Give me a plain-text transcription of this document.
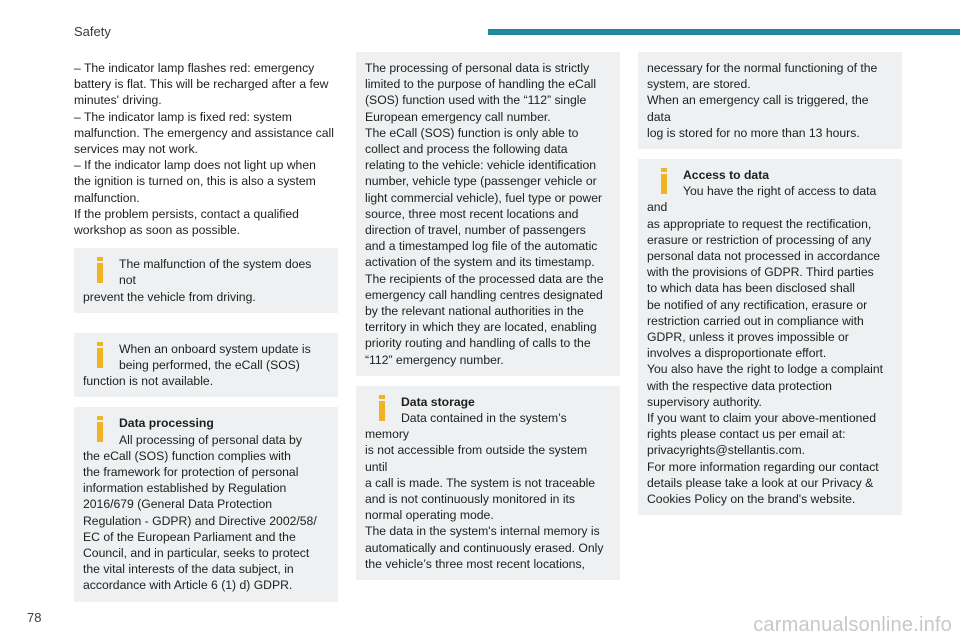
Safety
– The indicator lamp flashes red: emergency
battery is flat. This will be recharged after a few
minutes' driving.
– The indicator lamp is fixed red: system
malfunction. The emergency and assistance call
services may not work.
– If the indicator lamp does not light up when
the ignition is turned on, this is also a system
malfunction.
If the problem persists, contact a qualified
workshop as soon as possible.
The malfunction of the system does not
prevent the vehicle from driving.
When an onboard system update is
being performed, the eCall (SOS)
function is not available.
Data processing
All processing of personal data by
the eCall (SOS) function complies with
the framework for protection of personal
information established by Regulation
2016/679 (General Data Protection
Regulation - GDPR) and Directive 2002/58/
EC of the European Parliament and the
Council, and in particular, seeks to protect
the vital interests of the data subject, in
accordance with Article 6 (1) d) GDPR.
The processing of personal data is strictly
limited to the purpose of handling the eCall
(SOS) function used with the “112” single
European emergency call number.
The eCall (SOS) function is only able to
collect and process the following data
relating to the vehicle: vehicle identification
number, vehicle type (passenger vehicle or
light commercial vehicle), fuel type or power
source, three most recent locations and
direction of travel, number of passengers
and a timestamped log file of the automatic
activation of the system and its timestamp.
The recipients of the processed data are the
emergency call handling centres designated
by the relevant national authorities in the
territory in which they are located, enabling
priority routing and handling of calls to the
“112” emergency number.
Data storage
Data contained in the system’s memory
is not accessible from outside the system until
a call is made. The system is not traceable
and is not continuously monitored in its
normal operating mode.
The data in the system's internal memory is
automatically and continuously erased. Only
the vehicle’s three most recent locations,
necessary for the normal functioning of the
system, are stored.
When an emergency call is triggered, the data
log is stored for no more than 13 hours.
Access to data
You have the right of access to data and
as appropriate to request the rectification,
erasure or restriction of processing of any
personal data not processed in accordance
with the provisions of GDPR. Third parties
to which data has been disclosed shall
be notified of any rectification, erasure or
restriction carried out in compliance with
GDPR, unless it proves impossible or
involves a disproportionate effort.
You also have the right to lodge a complaint
with the respective data protection
supervisory authority.
If you want to claim your above-mentioned
rights please contact us per email at:
privacyrights@stellantis.com.
For more information regarding our contact
details please take a look at our Privacy &
Cookies Policy on the brand's website.
78	carmanualsonline.info
